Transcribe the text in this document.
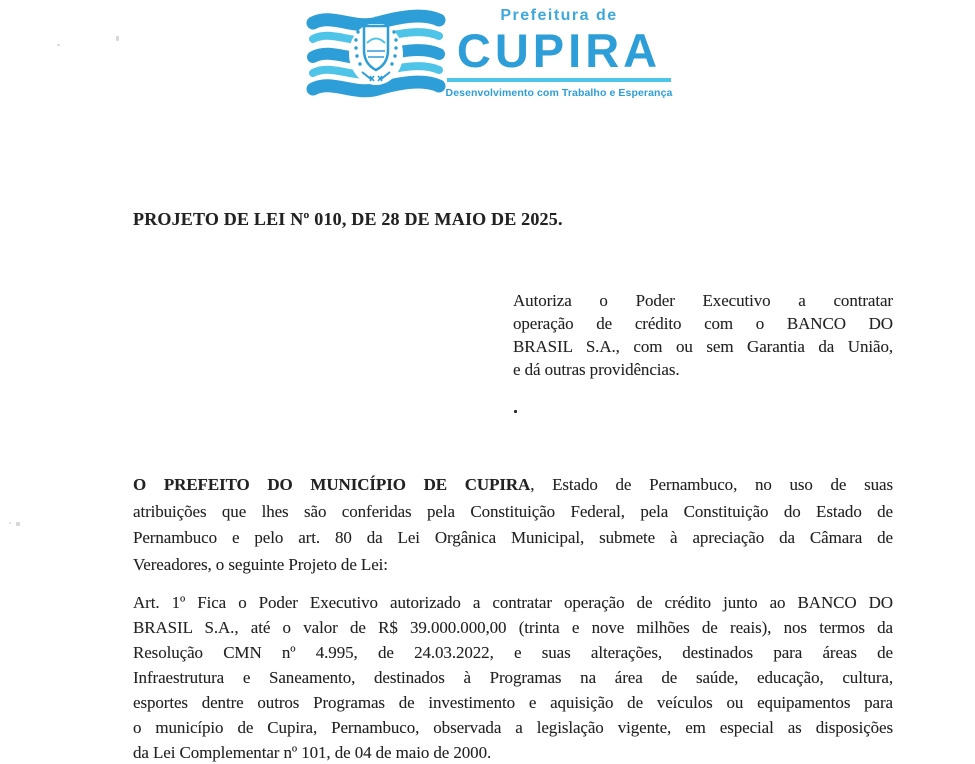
Prefeitura de
CUPIRA
Desenvolvimento com Trabalho e Esperança
PROJETO DE LEI Nº 010, DE 28 DE MAIO DE 2025.
Autoriza o Poder Executivo a contratar
operação de crédito com o BANCO DO
BRASIL S.A., com ou sem Garantia da União,
e dá outras providências.
O PREFEITO DO MUNICÍPIO DE CUPIRA, Estado de Pernambuco, no uso de suas
atribuições que lhes são conferidas pela Constituição Federal, pela Constituição do Estado de
Pernambuco e pelo art. 80 da Lei Orgânica Municipal, submete à apreciação da Câmara de
Vereadores, o seguinte Projeto de Lei:
Art. 1º Fica o Poder Executivo autorizado a contratar operação de crédito junto ao BANCO DO
BRASIL S.A., até o valor de R$ 39.000.000,00 (trinta e nove milhões de reais), nos termos da
Resolução CMN nº 4.995, de 24.03.2022, e suas alterações, destinados para áreas de
Infraestrutura e Saneamento, destinados à Programas na área de saúde, educação, cultura,
esportes dentre outros Programas de investimento e aquisição de veículos ou equipamentos para
o município de Cupira, Pernambuco, observada a legislação vigente, em especial as disposições
da Lei Complementar nº 101, de 04 de maio de 2000.
